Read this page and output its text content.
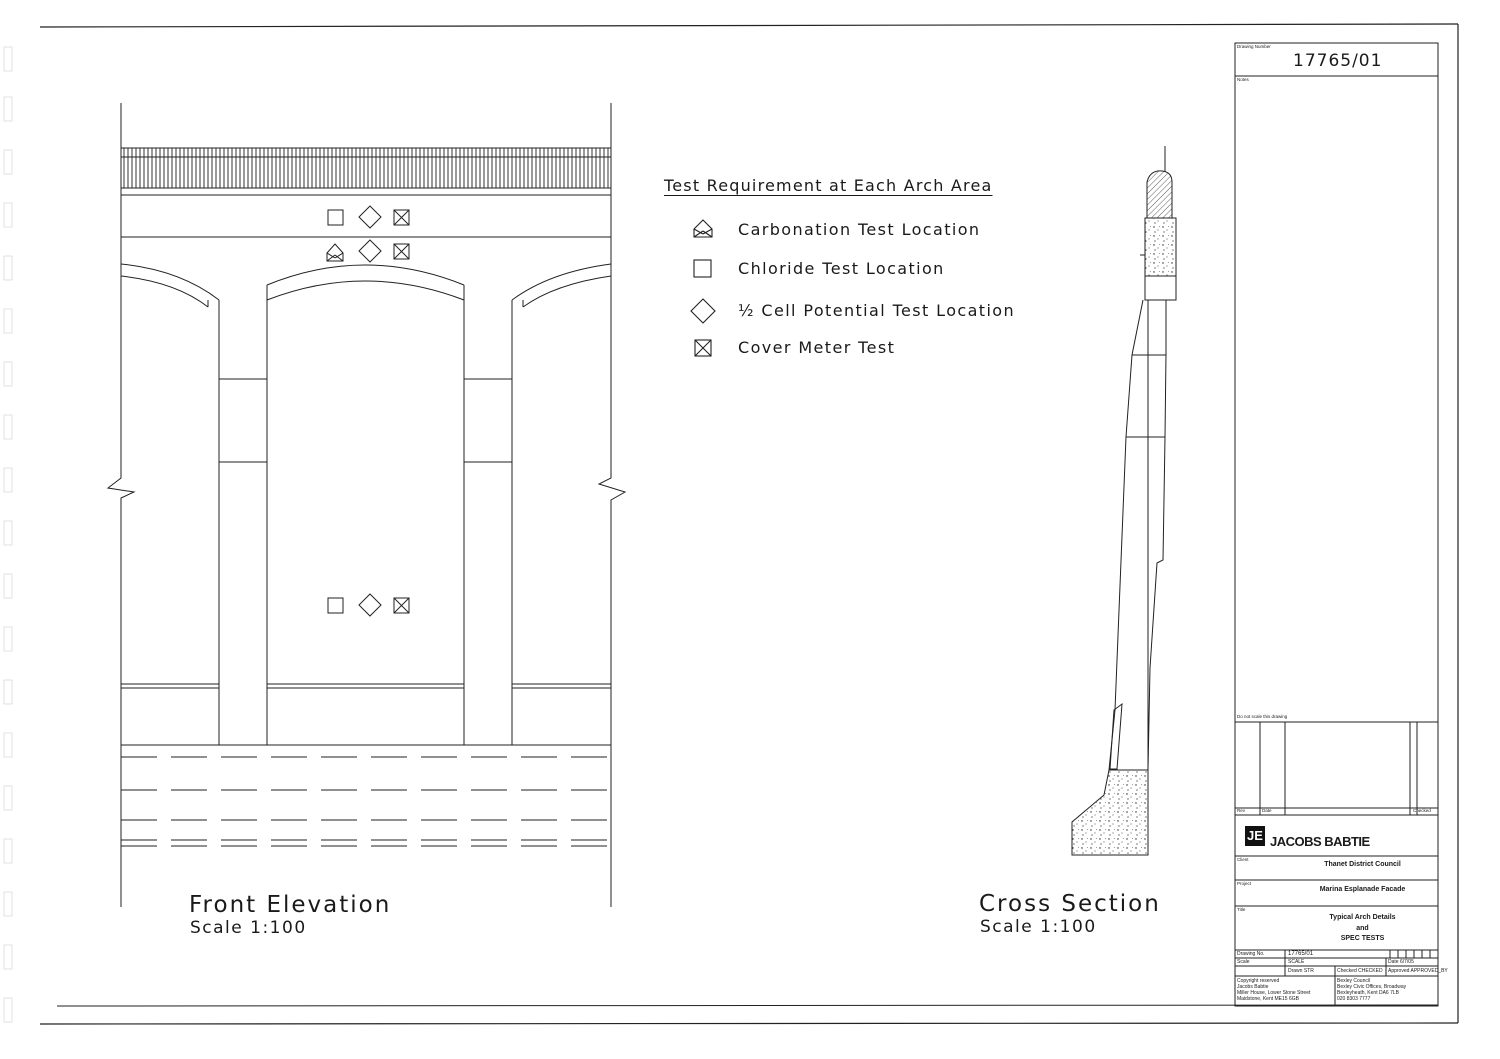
Test Requirement at Each Arch Area
Carbonation Test Location
Chloride Test Location
½ Cell Potential Test Location
Cover Meter Test
Front Elevation
Scale 1:100
Cross Section
Scale 1:100
Drawing Number
17765/01
Notes
Do not scale this drawing
Rev	Date	Checked
JE JACOBS BABTIE
Client
Thanet District Council
Project
Marina Esplanade Facade
Title
Typical Arch Details
and
SPEC TESTS
Drawing No.	17765/01
Scale	SCALE	Date 6/7/05
Drawn STR	Checked CHECKED Approved APPROVED_BY
Copyright reserved
Jacobs Babtie
Miller House, Lower Stone Street
Maidstone, Kent ME15 6GB
Bexley Council
Bexley Civic Offices, Broadway
Bexleyheath, Kent DA6 7LB
020 8303 7777
